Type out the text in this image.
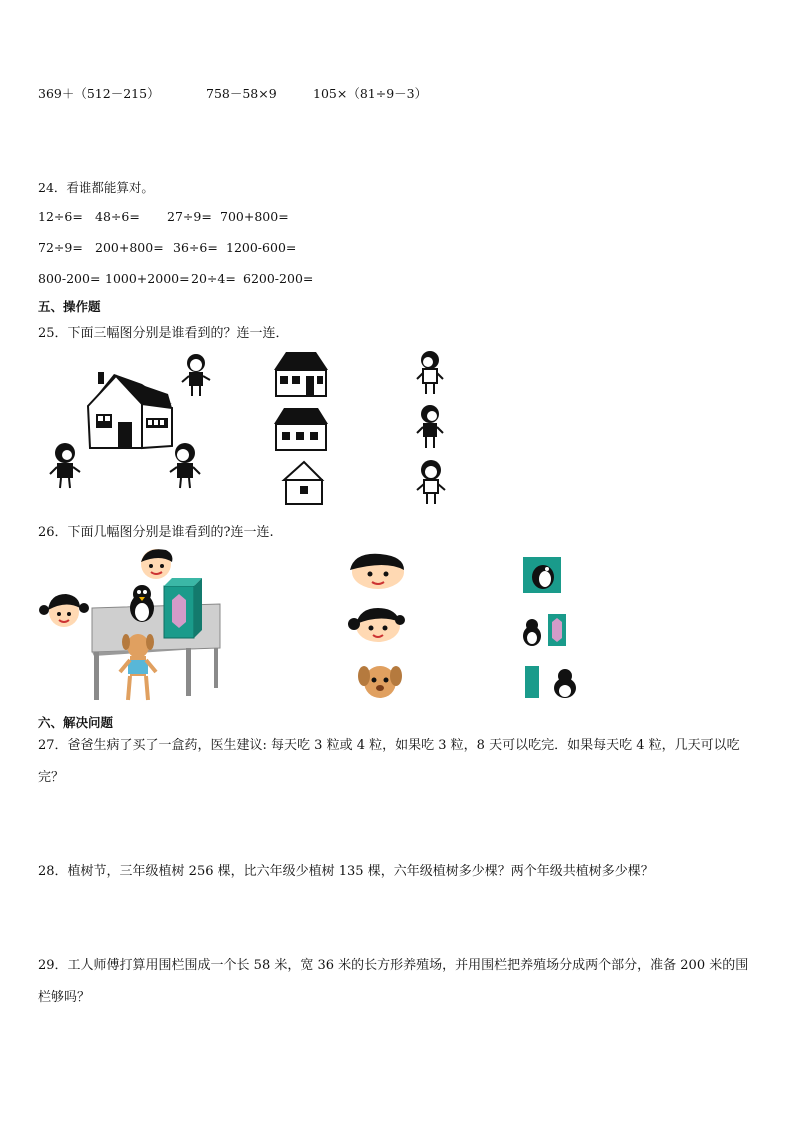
369＋（512－215）	758－58×9	105×（81÷9－3）
24．看谁都能算对。
12÷6= 48÷6= 27÷9= 700+800=
72÷9= 200+800= 36÷6= 1200-600=
800-200= 1000+2000= 20÷4= 6200-200=
五、操作题
25．下面三幅图分别是谁看到的？连一连．
26．下面几幅图分别是谁看到的?连一连.
六、解决问题
27．爸爸生病了买了一盒药，医生建议: 每天吃 3 粒或 4 粒，如果吃 3 粒，8 天可以吃完．如果每天吃 4 粒，几天可以吃完？
28．植树节，三年级植树 256 棵，比六年级少植树 135 棵，六年级植树多少棵？两个年级共植树多少棵？
29．工人师傅打算用围栏围成一个长 58 米，宽 36 米的长方形养殖场，并用围栏把养殖场分成两个部分，准备 200 米的围栏够吗？
